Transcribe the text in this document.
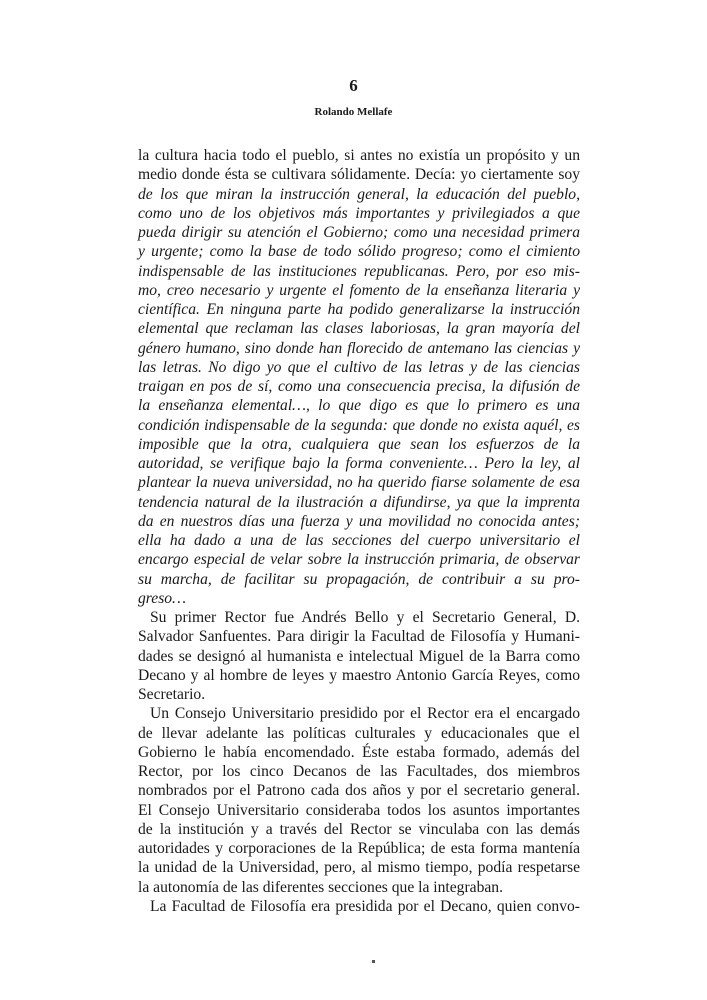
6
Rolando Mellafe
la cultura hacia todo el pueblo, si antes no existía un propósito y un
medio donde ésta se cultivara sólidamente. Decía: yo ciertamente soy
de los que miran la instrucción general, la educación del pueblo,
como uno de los objetivos más importantes y privilegiados a que
pueda dirigir su atención el Gobierno; como una necesidad primera
y urgente; como la base de todo sólido progreso; como el cimiento
indispensable de las instituciones republicanas. Pero, por eso mis-
mo, creo necesario y urgente el fomento de la enseñanza literaria y
científica. En ninguna parte ha podido generalizarse la instrucción
elemental que reclaman las clases laboriosas, la gran mayoría del
género humano, sino donde han florecido de antemano las ciencias y
las letras. No digo yo que el cultivo de las letras y de las ciencias
traigan en pos de sí, como una consecuencia precisa, la difusión de
la enseñanza elemental…, lo que digo es que lo primero es una
condición indispensable de la segunda: que donde no exista aquél, es
imposible que la otra, cualquiera que sean los esfuerzos de la
autoridad, se verifique bajo la forma conveniente… Pero la ley, al
plantear la nueva universidad, no ha querido fiarse solamente de esa
tendencia natural de la ilustración a difundirse, ya que la imprenta
da en nuestros días una fuerza y una movilidad no conocida antes;
ella ha dado a una de las secciones del cuerpo universitario el
encargo especial de velar sobre la instrucción primaria, de observar
su marcha, de facilitar su propagación, de contribuir a su pro-
greso…
Su primer Rector fue Andrés Bello y el Secretario General, D.
Salvador Sanfuentes. Para dirigir la Facultad de Filosofía y Humani-
dades se designó al humanista e intelectual Miguel de la Barra como
Decano y al hombre de leyes y maestro Antonio García Reyes, como
Secretario.
Un Consejo Universitario presidido por el Rector era el encargado
de llevar adelante las políticas culturales y educacionales que el
Gobierno le había encomendado. Éste estaba formado, además del
Rector, por los cinco Decanos de las Facultades, dos miembros
nombrados por el Patrono cada dos años y por el secretario general.
El Consejo Universitario consideraba todos los asuntos importantes
de la institución y a través del Rector se vinculaba con las demás
autoridades y corporaciones de la República; de esta forma mantenía
la unidad de la Universidad, pero, al mismo tiempo, podía respetarse
la autonomía de las diferentes secciones que la integraban.
La Facultad de Filosofía era presidida por el Decano, quien convo-
